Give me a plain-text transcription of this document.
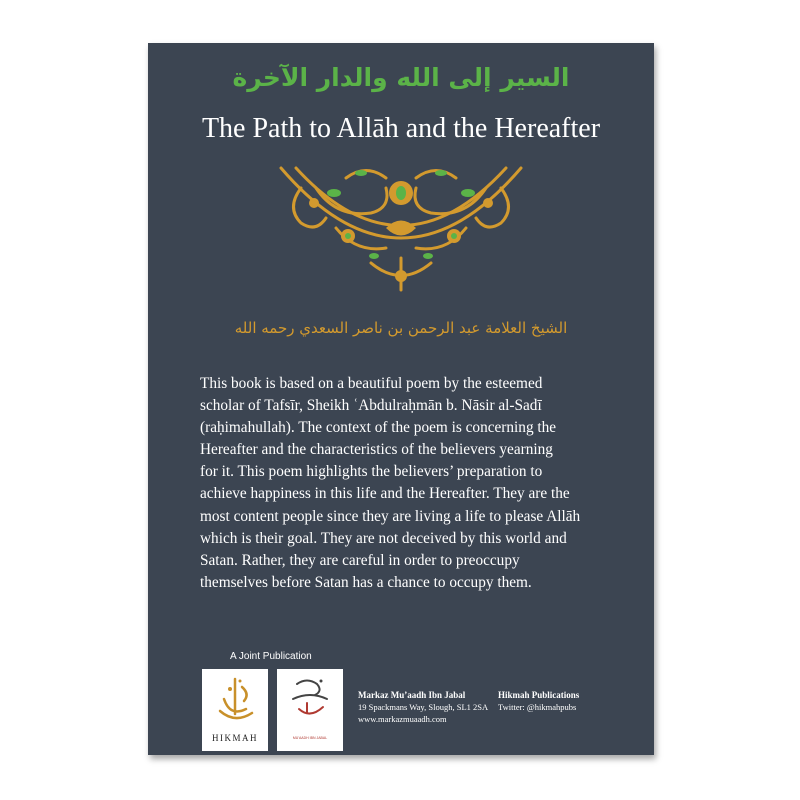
السير إلى الله والدار الآخرة
The Path to Allāh and the Hereafter
الشيخ العلامة عبد الرحمن بن ناصر السعدي رحمه الله
This book is based on a beautiful poem by the esteemed
scholar of Tafsīr, Sheikh ʿAbdulraḥmān b. Nāsir al-Sadī
(raḥimahullah). The context of the poem is concerning the
Hereafter and the characteristics of the believers yearning
for it. This poem highlights the believers’ preparation to
achieve happiness in this life and the Hereafter. They are the
most content people since they are living a life to please Allāh
which is their goal. They are not deceived by this world and
Satan. Rather, they are careful in order to preoccupy
themselves before Satan has a chance to occupy them.
A Joint Publication
HIKMAH	MU'AADH IBN JABAL
Markaz Mu’aadh Ibn Jabal
19 Spackmans Way, Slough, SL1 2SA
www.markazmuaadh.com
Hikmah Publications
Twitter: @hikmahpubs
